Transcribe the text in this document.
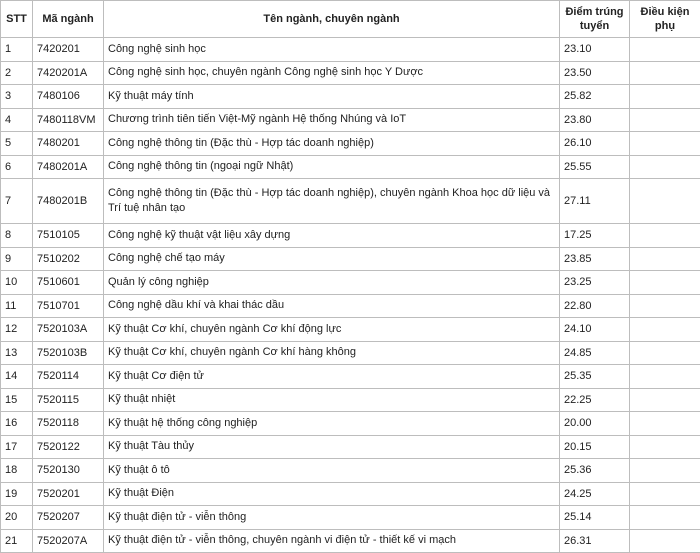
STT	Mã ngành	Tên ngành, chuyên ngành	Điểm trúng tuyển	Điều kiện phụ
1	7420201	Công nghệ sinh học	23.10	
2	7420201A	Công nghệ sinh học, chuyên ngành Công nghệ sinh học Y Dược	23.50	
3	7480106	Kỹ thuật máy tính	25.82	
4	7480118VM	Chương trình tiên tiến Việt-Mỹ ngành Hệ thống Nhúng và IoT	23.80	
5	7480201	Công nghệ thông tin (Đặc thù - Hợp tác doanh nghiệp)	26.10	
6	7480201A	Công nghệ thông tin (ngoại ngữ Nhật)	25.55	
7	7480201B	Công nghệ thông tin (Đặc thù - Hợp tác doanh nghiệp), chuyên ngành Khoa học dữ liệu và Trí tuệ nhân tạo	27.11	
8	7510105	Công nghệ kỹ thuật vật liệu xây dựng	17.25	
9	7510202	Công nghệ chế tạo máy	23.85	
10	7510601	Quản lý công nghiệp	23.25	
11	7510701	Công nghệ dầu khí và khai thác dầu	22.80	
12	7520103A	Kỹ thuật Cơ khí, chuyên ngành Cơ khí động lực	24.10	
13	7520103B	Kỹ thuật Cơ khí, chuyên ngành Cơ khí hàng không	24.85	
14	7520114	Kỹ thuật Cơ điện tử	25.35	
15	7520115	Kỹ thuật nhiệt	22.25	
16	7520118	Kỹ thuật hệ thống công nghiệp	20.00	
17	7520122	Kỹ thuật Tàu thủy	20.15	
18	7520130	Kỹ thuật ô tô	25.36	
19	7520201	Kỹ thuật Điện	24.25	
20	7520207	Kỹ thuật điện tử - viễn thông	25.14	
21	7520207A	Kỹ thuật điện tử - viễn thông, chuyên ngành vi điện tử - thiết kế vi mạch	26.31	
